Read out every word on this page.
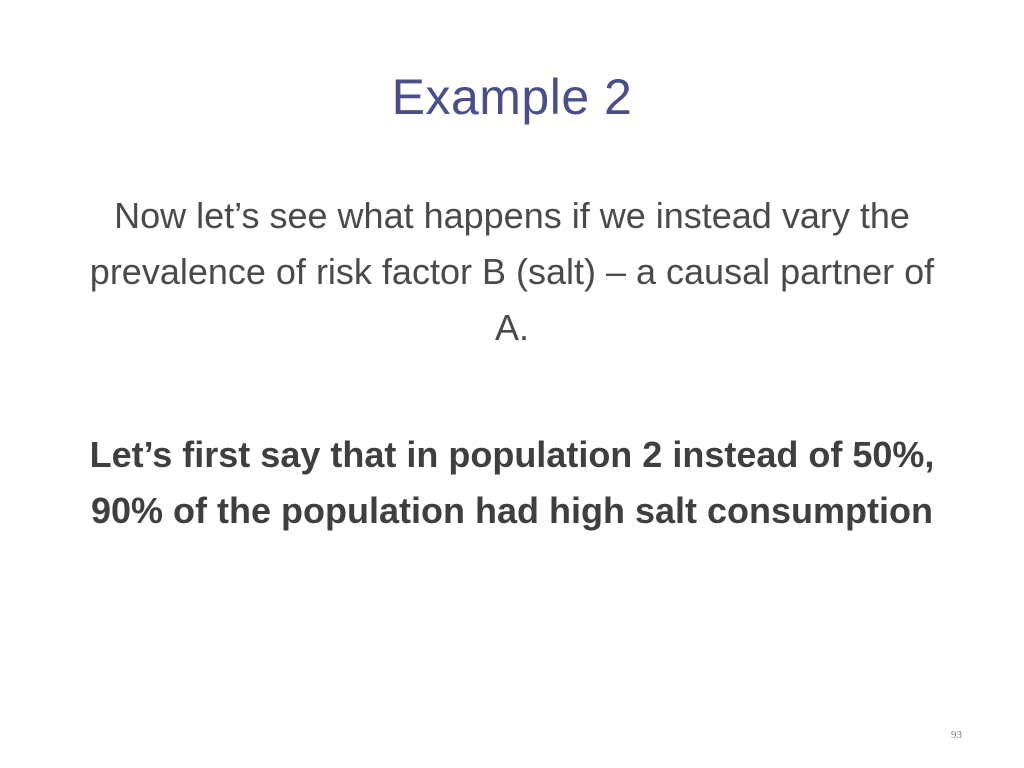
Example 2

Now let’s see what happens if we instead vary the prevalence of risk factor B (salt) – a causal partner of A.

Let’s first say that in population 2 instead of 50%, 90% of the population had high salt consumption

93
